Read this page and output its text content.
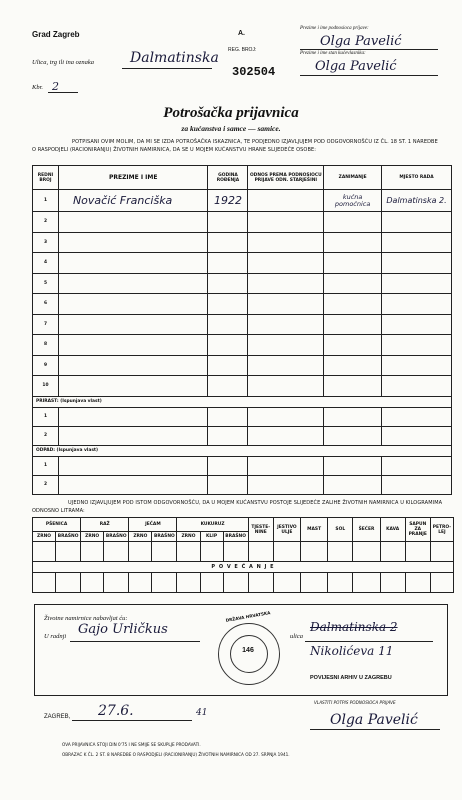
Grad Zagreb	A.
Prezime i ime podnosioca prijave:
Olga Pavelić
Prezime i ime stan kućevlasnika:
Olga Pavelić
Ulica, trg ili ina oznaka	Dalmatinska REG. BROJ:
302504
Kbr. 2
Potrošačka prijavnica
za kućanstva i samce — samice.
POTPISANI OVIM MOLIM, DA MI SE IZDA POTROŠAČKA ISKAZNICA, TE PODJEDNO IZJAVLJUJEM POD ODGOVORNOŠĆU IZ ČL. 18 ST. 1 NAREDBE O RASPODJELI (RACIONIRANJU) ŽIVOTNIH NAMIRNICA, DA SE U MOJEM KUĆANSTVU HRANE SLIJEDEĆE OSOBE:
REDNI BROJ	PREZIME I IME	GODINA ROĐENJA	ODNOS PREMA PODNOSIOCU PRIJAVE ODN. STARJEŠINI	ZANIMANJE	MJESTO RADA
1	Novačić Franciška	1922		kućna pomoćnica	Dalmatinska 2.
2					
3					
4					
5					
6					
7					
8					
9					
10					
PRIRAST: (Ispunjava vlast)					
1					
2					
ODPAD: (Ispunjava vlast)					
1					
2					
UJEDNO IZJAVLJUJEM POD ISTOM ODGOVORNOŠĆU, DA U MOJEM KUĆANSTVU POSTOJE SLIJEDEĆE ZALIHE ŽIVOTNIH NAMIRNICA U KILOGRAMIMA ODNOSNO LITRAMA:
PŠENICA		RAŽ		JEČAM		KUKURUZ			TJESTE-NINE	JESTIVO ULJE	MAST	SOL	ŠEĆER	KAVA	SAPUN ZA PRANJE	PETRO-LEJ
ZRNO	BRAŠNO	ZRNO	BRAŠNO	ZRNO	BRAŠNO	ZRNO	KLIP	BRAŠNO								

P O V E Ć A N J E																

Životne namirnice nabavljat ću:
U radnji Gajo Urličkus	ulica
Dalmatinska 2
Nikolićeva 11
DRŽAVA HRVATSKA
146
POVIJESNI ARHIV U ZAGREBU
ZAGREB, 27.6.	41
VLASTITI POTPIS PODNOSIOCA PRIJAVE
Olga Pavelić
OVA PRIJAVNICA STOJI DIN 0'75 I NE SMIJE SE SKUPLJE PRODAVATI.
OBRAZAC K ČL. 2 ST. 8 NAREDBE O RASPODJELI (RACIONIRANJU) ŽIVOTNIH NAMIRNICA OD 27. SRPNJA 1941.
